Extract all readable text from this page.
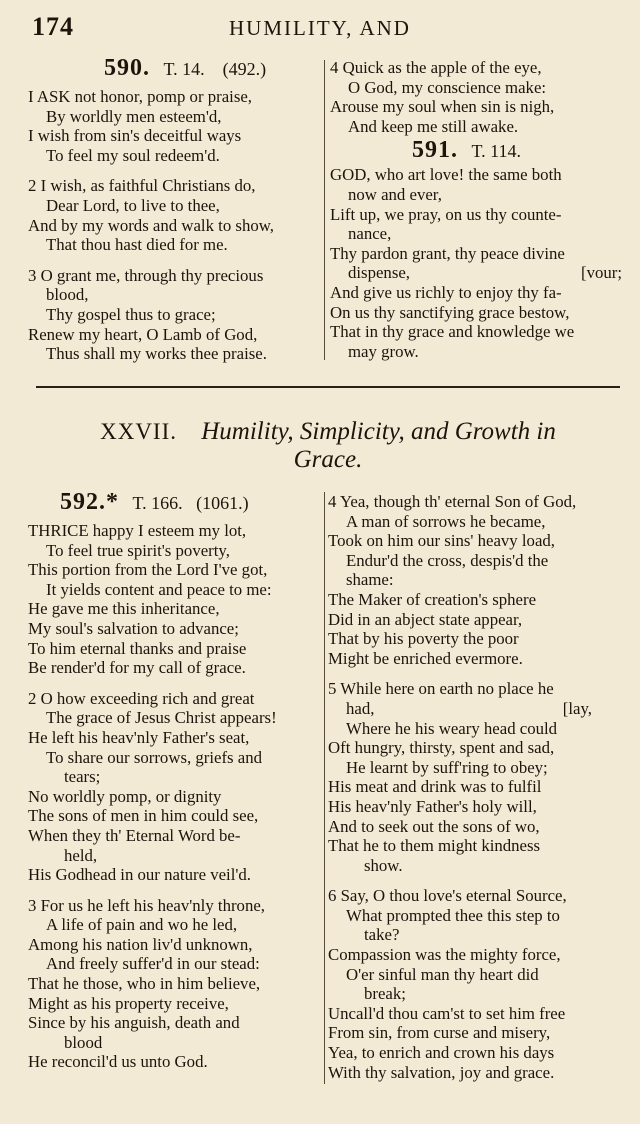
174	HUMILITY, AND
590. T. 14. (492.)
I ASK not honor, pomp or praise,
By worldly men esteem'd,
I wish from sin's deceitful ways
To feel my soul redeem'd.
2 I wish, as faithful Christians do,
Dear Lord, to live to thee,
And by my words and walk to show,
That thou hast died for me.
3 O grant me, through thy precious
blood,
Thy gospel thus to grace;
Renew my heart, O Lamb of God,
Thus shall my works thee praise.
4 Quick as the apple of the eye,
O God, my conscience make:
Arouse my soul when sin is nigh,
And keep me still awake.
591. T. 114.
GOD, who art love! the same both
now and ever,
Lift up, we pray, on us thy counte-
nance,
Thy pardon grant, thy peace divine
dispense,	[vour;
And give us richly to enjoy thy fa-
On us thy sanctifying grace bestow,
That in thy grace and knowledge we
may grow.
XXVII. Humility, Simplicity, and Growth in
Grace.
592.* T. 166. (1061.)
THRICE happy I esteem my lot,
To feel true spirit's poverty,
This portion from the Lord I've got,
It yields content and peace to me:
He gave me this inheritance,
My soul's salvation to advance;
To him eternal thanks and praise
Be render'd for my call of grace.
2 O how exceeding rich and great
The grace of Jesus Christ appears!
He left his heav'nly Father's seat,
To share our sorrows, griefs and
tears;
No worldly pomp, or dignity
The sons of men in him could see,
When they th' Eternal Word be-
held,
His Godhead in our nature veil'd.
3 For us he left his heav'nly throne,
A life of pain and wo he led,
Among his nation liv'd unknown,
And freely suffer'd in our stead:
That he those, who in him believe,
Might as his property receive,
Since by his anguish, death and
blood
He reconcil'd us unto God.
4 Yea, though th' eternal Son of God,
A man of sorrows he became,
Took on him our sins' heavy load,
Endur'd the cross, despis'd the
shame:
The Maker of creation's sphere
Did in an abject state appear,
That by his poverty the poor
Might be enriched evermore.
5 While here on earth no place he
had,	[lay,
Where he his weary head could
Oft hungry, thirsty, spent and sad,
He learnt by suff'ring to obey;
His meat and drink was to fulfil
His heav'nly Father's holy will,
And to seek out the sons of wo,
That he to them might kindness
show.
6 Say, O thou love's eternal Source,
What prompted thee this step to
take?
Compassion was the mighty force,
O'er sinful man thy heart did
break;
Uncall'd thou cam'st to set him free
From sin, from curse and misery,
Yea, to enrich and crown his days
With thy salvation, joy and grace.
